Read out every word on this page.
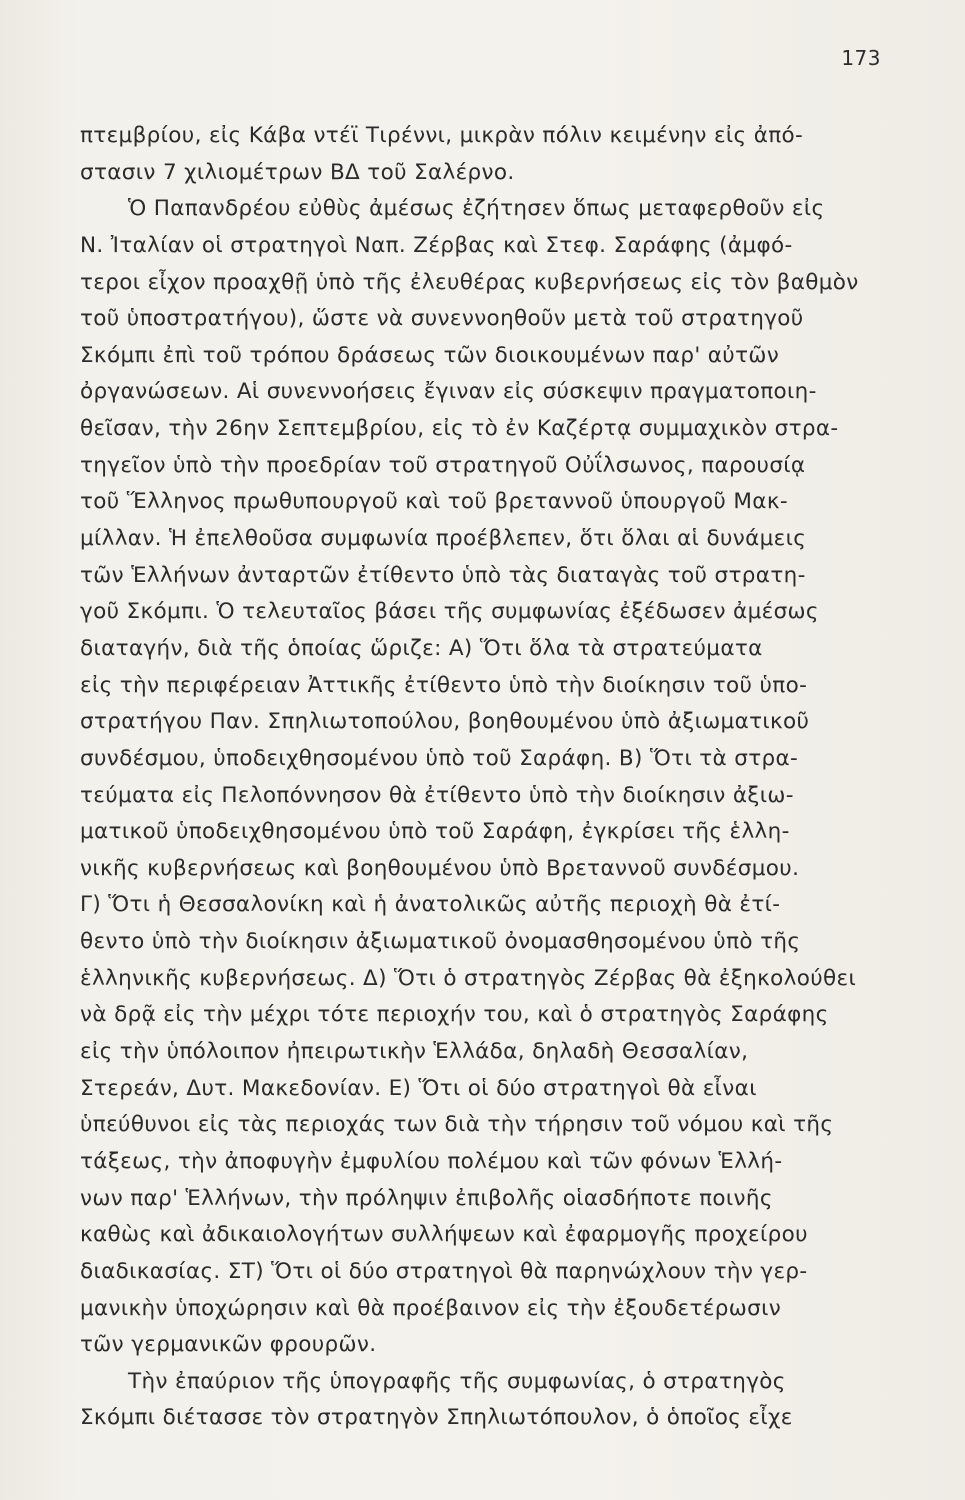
173
πτεμβρίου, εἰς Κάβα ντέϊ Τιρέννι, μικρὰν πόλιν κειμένην εἰς ἀπό-
στασιν 7 χιλιομέτρων ΒΔ τοῦ Σαλέρνο.
Ὁ Παπανδρέου εὐθὺς ἀμέσως ἐζήτησεν ὅπως μεταφερθοῦν εἰς
Ν. Ἰταλίαν οἱ στρατηγοὶ Ναπ. Ζέρβας καὶ Στεφ. Σαράφης (ἀμφό-
τεροι εἶχον προαχθῇ ὑπὸ τῆς ἐλευθέρας κυβερνήσεως εἰς τὸν βαθμὸν
τοῦ ὑποστρατήγου), ὥστε νὰ συνεννοηθοῦν μετὰ τοῦ στρατηγοῦ
Σκόμπι ἐπὶ τοῦ τρόπου δράσεως τῶν διοικουμένων παρ' αὐτῶν
ὀργανώσεων. Αἱ συνεννοήσεις ἔγιναν εἰς σύσκεψιν πραγματοποιη-
θεῖσαν, τὴν 26ην Σεπτεμβρίου, εἰς τὸ ἐν Καζέρτᾳ συμμαχικὸν στρα-
τηγεῖον ὑπὸ τὴν προεδρίαν τοῦ στρατηγοῦ Οὐΐλσωνος, παρουσίᾳ
τοῦ Ἕλληνος πρωθυπουργοῦ καὶ τοῦ βρεταννοῦ ὑπουργοῦ Μακ-
μίλλαν. Ἡ ἐπελθοῦσα συμφωνία προέβλεπεν, ὅτι ὅλαι αἱ δυνάμεις
τῶν Ἑλλήνων ἀνταρτῶν ἐτίθεντο ὑπὸ τὰς διαταγὰς τοῦ στρατη-
γοῦ Σκόμπι. Ὁ τελευταῖος βάσει τῆς συμφωνίας ἐξέδωσεν ἀμέσως
διαταγήν, διὰ τῆς ὁποίας ὥριζε: Α) Ὅτι ὅλα τὰ στρατεύματα
εἰς τὴν περιφέρειαν Ἀττικῆς ἐτίθεντο ὑπὸ τὴν διοίκησιν τοῦ ὑπο-
στρατήγου Παν. Σπηλιωτοπούλου, βοηθουμένου ὑπὸ ἀξιωματικοῦ
συνδέσμου, ὑποδειχθησομένου ὑπὸ τοῦ Σαράφη. Β) Ὅτι τὰ στρα-
τεύματα εἰς Πελοπόννησον θὰ ἐτίθεντο ὑπὸ τὴν διοίκησιν ἀξιω-
ματικοῦ ὑποδειχθησομένου ὑπὸ τοῦ Σαράφη, ἐγκρίσει τῆς ἑλλη-
νικῆς κυβερνήσεως καὶ βοηθουμένου ὑπὸ Βρεταννοῦ συνδέσμου.
Γ) Ὅτι ἡ Θεσσαλονίκη καὶ ἡ ἀνατολικῶς αὐτῆς περιοχὴ θὰ ἐτί-
θεντο ὑπὸ τὴν διοίκησιν ἀξιωματικοῦ ὀνομασθησομένου ὑπὸ τῆς
ἑλληνικῆς κυβερνήσεως. Δ) Ὅτι ὁ στρατηγὸς Ζέρβας θὰ ἐξηκολούθει
νὰ δρᾷ εἰς τὴν μέχρι τότε περιοχήν του, καὶ ὁ στρατηγὸς Σαράφης
εἰς τὴν ὑπόλοιπον ἠπειρωτικὴν Ἑλλάδα, δηλαδὴ Θεσσαλίαν,
Στερεάν, Δυτ. Μακεδονίαν. Ε) Ὅτι οἱ δύο στρατηγοὶ θὰ εἶναι
ὑπεύθυνοι εἰς τὰς περιοχάς των διὰ τὴν τήρησιν τοῦ νόμου καὶ τῆς
τάξεως, τὴν ἀποφυγὴν ἐμφυλίου πολέμου καὶ τῶν φόνων Ἑλλή-
νων παρ' Ἑλλήνων, τὴν πρόληψιν ἐπιβολῆς οἱασδήποτε ποινῆς
καθὼς καὶ ἀδικαιολογήτων συλλήψεων καὶ ἐφαρμογῆς προχείρου
διαδικασίας. ΣΤ) Ὅτι οἱ δύο στρατηγοὶ θὰ παρηνώχλουν τὴν γερ-
μανικὴν ὑποχώρησιν καὶ θὰ προέβαινον εἰς τὴν ἐξουδετέρωσιν
τῶν γερμανικῶν φρουρῶν.
Τὴν ἐπαύριον τῆς ὑπογραφῆς τῆς συμφωνίας, ὁ στρατηγὸς
Σκόμπι διέτασσε τὸν στρατηγὸν Σπηλιωτόπουλον, ὁ ὁποῖος εἶχε
